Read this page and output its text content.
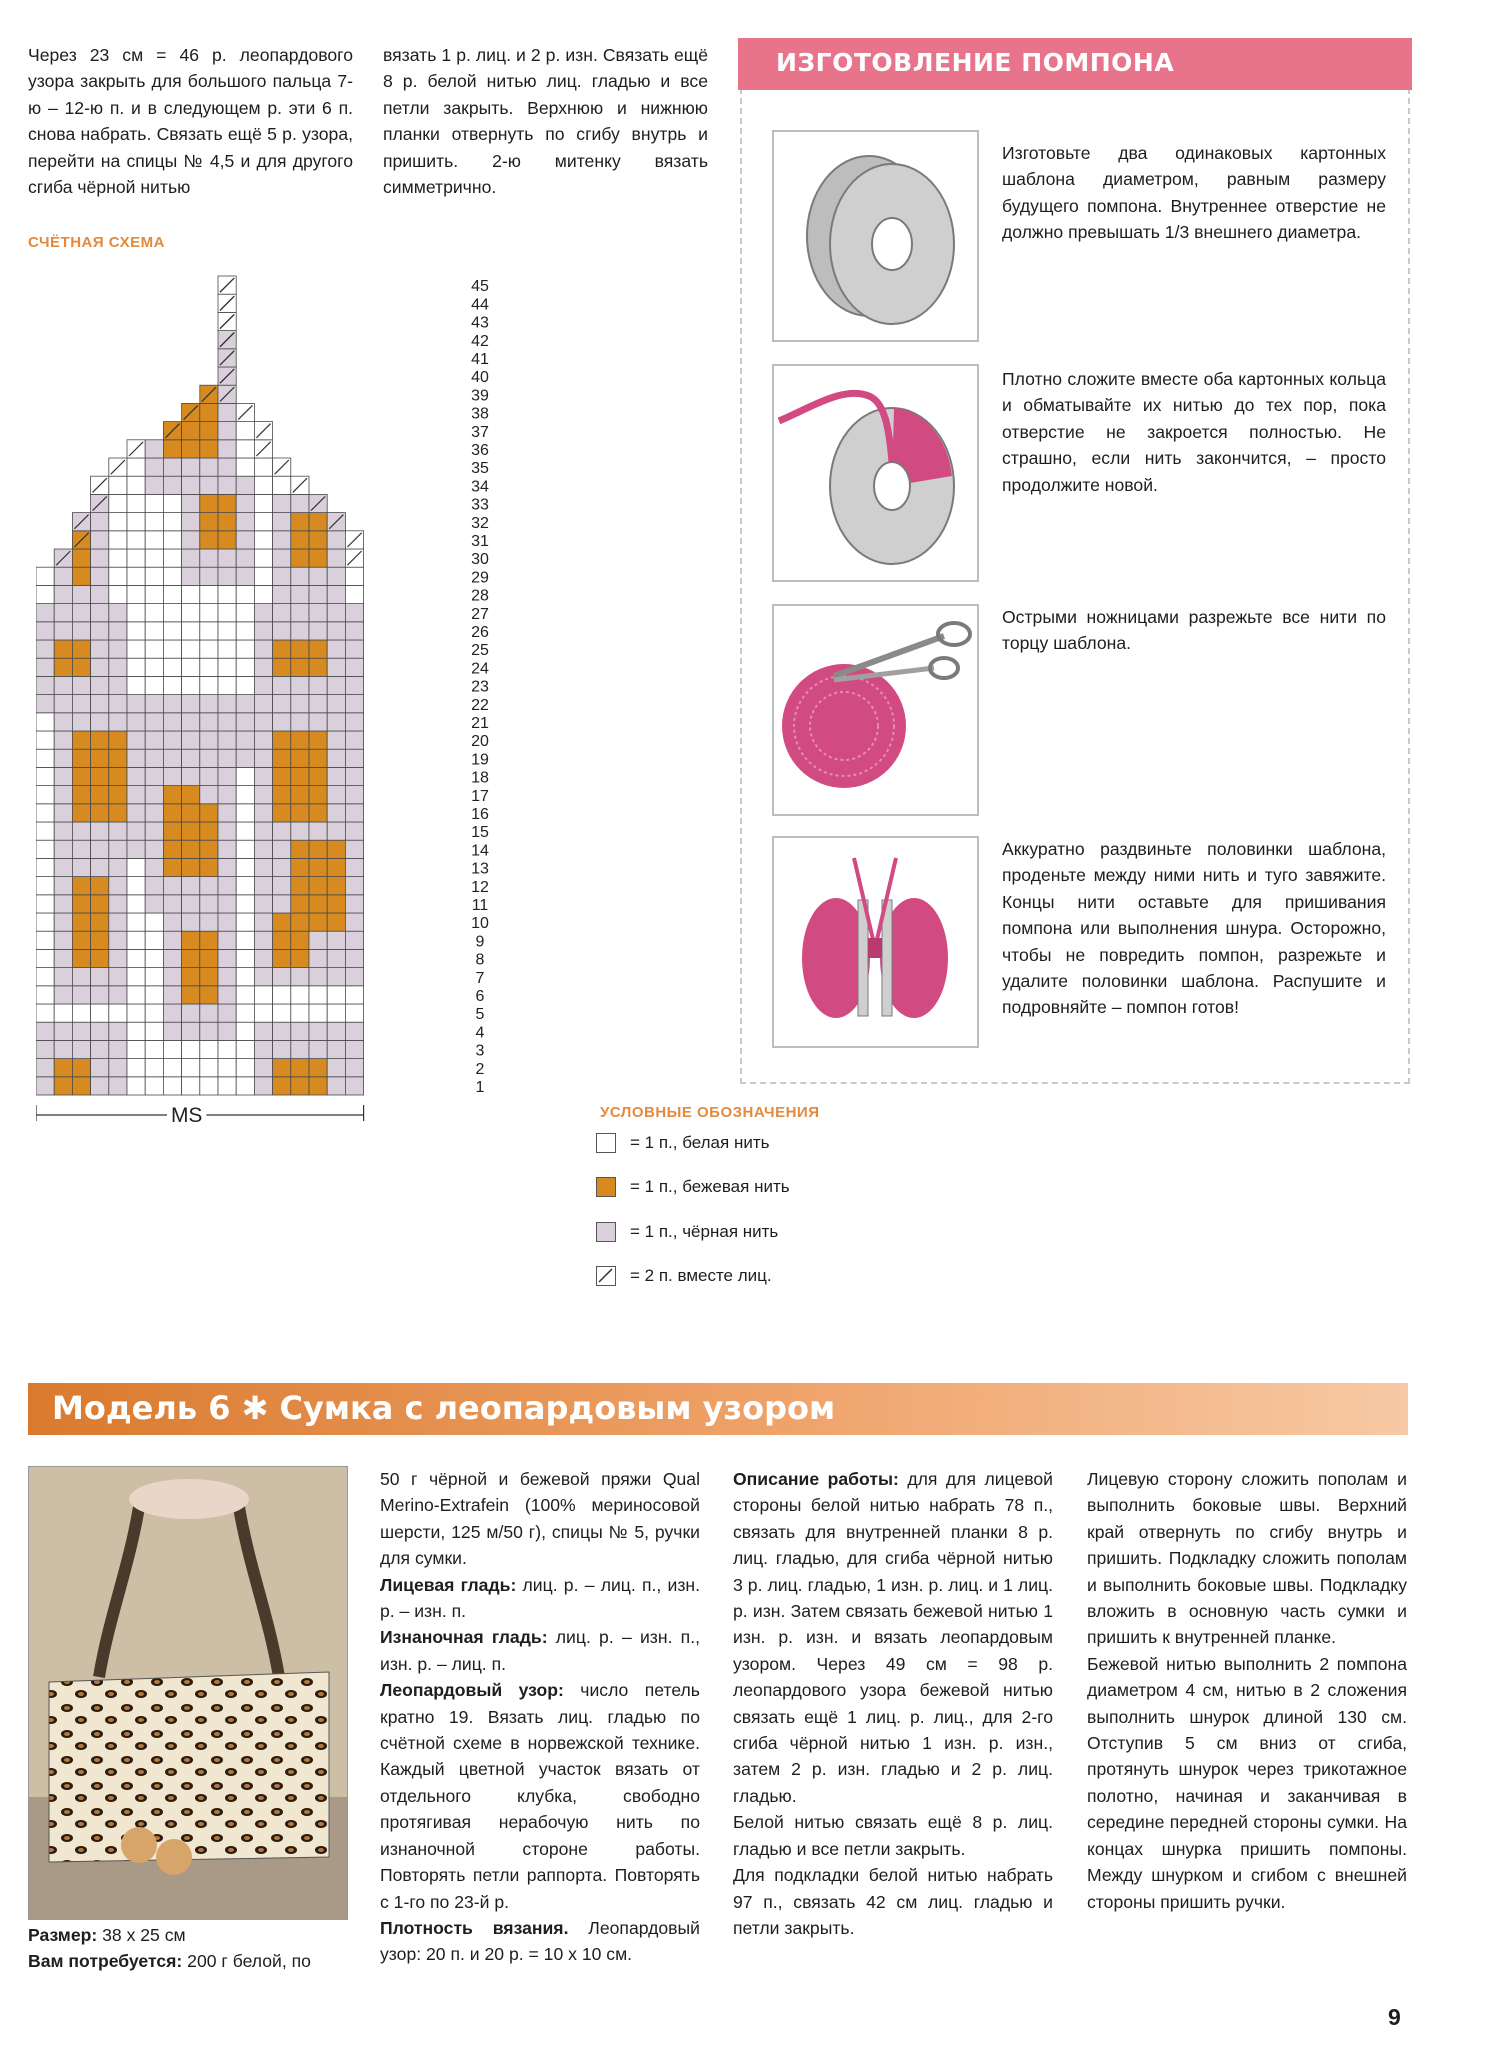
Через 23 см = 46 р. леопардового узора закрыть для большого пальца 7-ю – 12-ю п. и в следующем р. эти 6 п. снова набрать. Связать ещё 5 р. узора, перейти на спицы № 4,5 и для другого сгиба чёрной нитью

вязать 1 р. лиц. и 2 р. изн. Связать ещё 8 р. белой нитью лиц. гладью и все петли закрыть. Верхнюю и нижнюю планки отвернуть по сгибу внутрь и пришить. 2-ю митенку вязать симметрично.

СЧЁТНАЯ СХЕМА
1
2
3
4
5
6
7
8
9
10
11
12
13
14
15
16
17
18
19
20
21
22
23
24
25
26
27
28
29
30
31
32
33
34
35
36
37
38
39
40
41
42
43
44
45
MS
ИЗГОТОВЛЕНИЕ ПОМПОНА
Изготовьте два одинаковых картонных шаблона диаметром, равным размеру будущего помпона. Внутреннее отверстие не должно превышать 1/3 внешнего диаметра.
Плотно сложите вместе оба картонных кольца и обматывайте их нитью до тех пор, пока отверстие не закроется полностью. Не страшно, если нить закончится, – просто продолжите новой.
Острыми ножницами разрежьте все нити по торцу шаблона.
Аккуратно раздвиньте половинки шаблона, проденьте между ними нить и туго завяжите. Концы нити оставьте для пришивания помпона или выполнения шнура. Осторожно, чтобы не повредить помпон, разрежьте и удалите половинки шаблона. Распушите и подровняйте – помпон готов!
УСЛОВНЫЕ ОБОЗНАЧЕНИЯ
= 1 п., белая нить
= 1 п., бежевая нить
= 1 п., чёрная нить
= 2 п. вместе лиц.
Модель 6 ✱ Сумка с леопардовым узором

Размер: 38 x 25 см

Вам потребуется: 200 г белой, по

50 г чёрной и бежевой пряжи Qual Merino-Extrafein (100% мериносовой шерсти, 125 м/50 г), спицы № 5, ручки для сумки.

Лицевая гладь: лиц. р. – лиц. п., изн. р. – изн. п.

Изнаночная гладь: лиц. р. – изн. п., изн. р. – лиц. п.

Леопардовый узор: число петель кратно 19. Вязать лиц. гладью по счётной схеме в норвежской технике. Каждый цветной участок вязать от отдельного клубка, свободно протягивая нерабочую нить по изнаночной стороне работы. Повторять петли раппорта. Повторять с 1-го по 23-й р.

Плотность вязания. Леопардовый узор: 20 п. и 20 р. = 10 x 10 см.

Описание работы: для для лицевой стороны белой нитью набрать 78 п., связать для внутренней планки 8 р. лиц. гладью, для сгиба чёрной нитью 3 р. лиц. гладью, 1 изн. р. лиц. и 1 лиц. р. изн. Затем связать бежевой нитью 1 изн. р. изн. и вязать леопардовым узором. Через 49 см = 98 р. леопардового узора бежевой нитью связать ещё 1 лиц. р. лиц., для 2-го сгиба чёрной нитью 1 изн. р. изн., затем 2 р. изн. гладью и 2 р. лиц. гладью.

Белой нитью связать ещё 8 р. лиц. гладью и все петли закрыть.

Для подкладки белой нитью набрать 97 п., связать 42 см лиц. гладью и петли закрыть.

Лицевую сторону сложить пополам и выполнить боковые швы. Верхний край отвернуть по сгибу внутрь и пришить. Подкладку сложить пополам и выполнить боковые швы. Подкладку вложить в основную часть сумки и пришить к внутренней планке.

Бежевой нитью выполнить 2 помпона диаметром 4 см, нитью в 2 сложения выполнить шнурок длиной 130 см. Отступив 5 см вниз от сгиба, протянуть шнурок через трикотажное полотно, начиная и заканчивая в середине передней стороны сумки. На концах шнурка пришить помпоны. Между шнурком и сгибом с внешней стороны пришить ручки.

9
